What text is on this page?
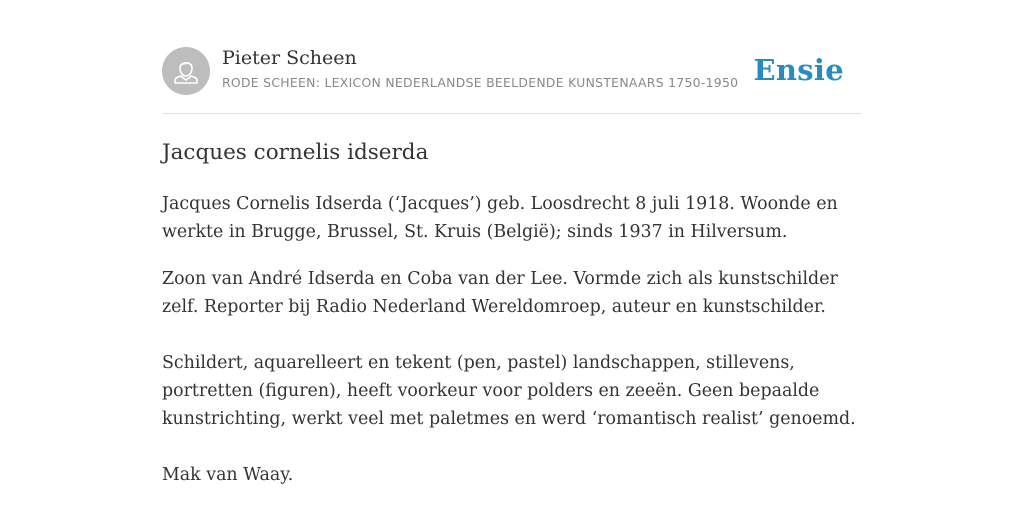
Pieter Scheen
RODE SCHEEN: LEXICON NEDERLANDSE BEELDENDE KUNSTENAARS 1750-1950 Ensie
Jacques cornelis idserda

Jacques Cornelis Idserda (‘Jacques’) geb. Loosdrecht 8 juli 1918. Woonde en werkte in Brugge, Brussel, St. Kruis (België); sinds 1937 in Hilversum.

Zoon van André Idserda en Coba van der Lee. Vormde zich als kunstschilder zelf. Reporter bij Radio Nederland Wereldomroep, auteur en kunstschilder.

Schildert, aquarelleert en tekent (pen, pastel) landschappen, stillevens, portretten (figuren), heeft voorkeur voor polders en zeeën. Geen bepaalde kunstrichting, werkt veel met paletmes en werd ‘romantisch realist’ genoemd.

Mak van Waay.
